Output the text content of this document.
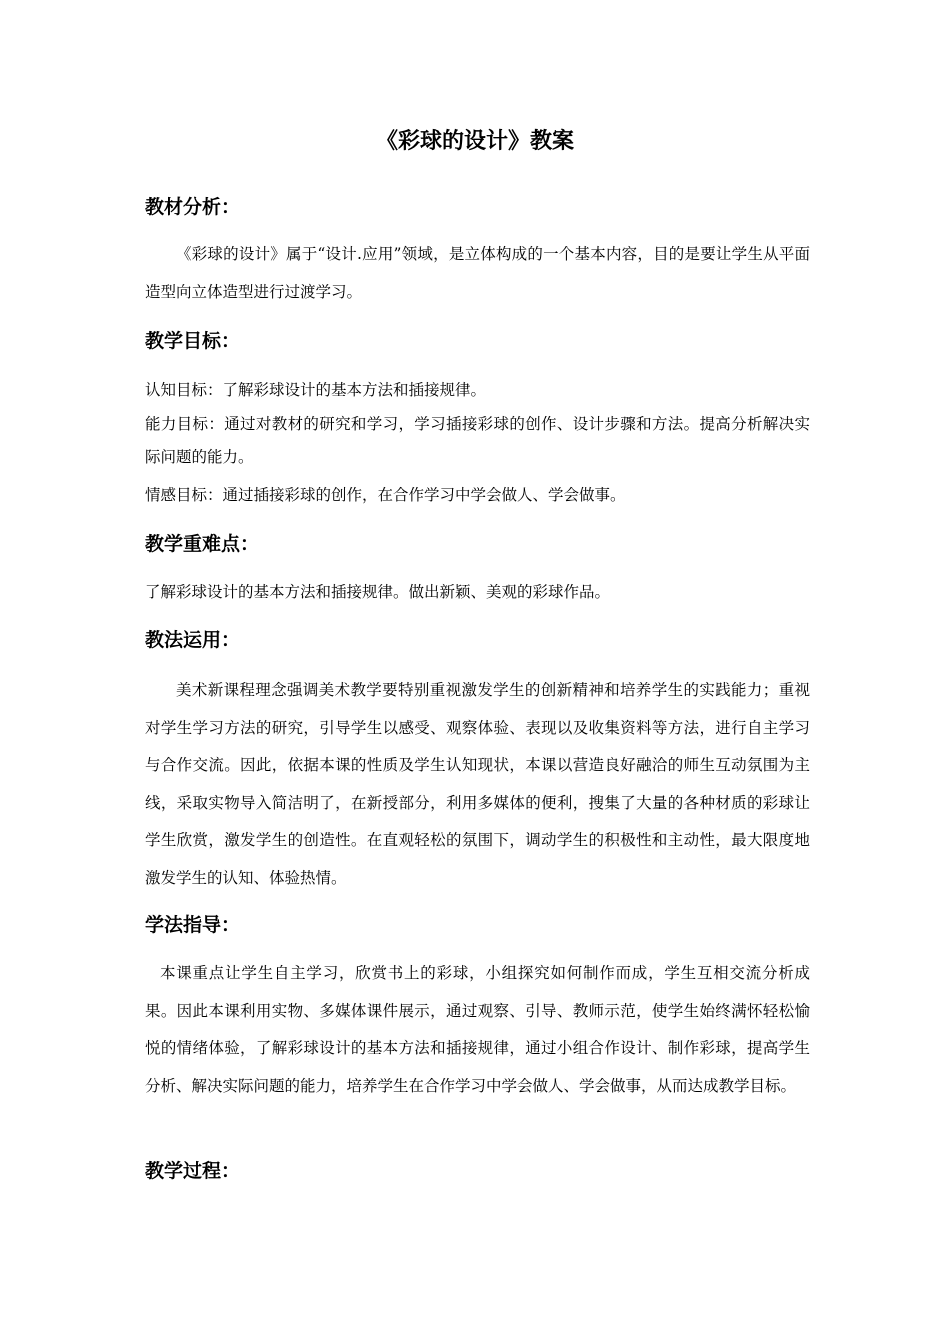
《彩球的设计》教案
教材分析：

《彩球的设计》属于“设计.应用”领域，是立体构成的一个基本内容，目的是要让学生从平面造型向立体造型进行过渡学习。

教学目标：

认知目标：了解彩球设计的基本方法和插接规律。

能力目标：通过对教材的研究和学习，学习插接彩球的创作、设计步骤和方法。提高分析解决实际问题的能力。

情感目标：通过插接彩球的创作，在合作学习中学会做人、学会做事。

教学重难点：

了解彩球设计的基本方法和插接规律。做出新颖、美观的彩球作品。

教法运用：

美术新课程理念强调美术教学要特别重视激发学生的创新精神和培养学生的实践能力；重视对学生学习方法的研究，引导学生以感受、观察体验、表现以及收集资料等方法，进行自主学习与合作交流。因此，依据本课的性质及学生认知现状，本课以营造良好融洽的师生互动氛围为主线，采取实物导入简洁明了，在新授部分，利用多媒体的便利，搜集了大量的各种材质的彩球让学生欣赏，激发学生的创造性。在直观轻松的氛围下，调动学生的积极性和主动性，最大限度地激发学生的认知、体验热情。

学法指导：

本课重点让学生自主学习，欣赏书上的彩球，小组探究如何制作而成，学生互相交流分析成果。因此本课利用实物、多媒体课件展示，通过观察、引导、教师示范，使学生始终满怀轻松愉悦的情绪体验，了解彩球设计的基本方法和插接规律，通过小组合作设计、制作彩球，提高学生分析、解决实际问题的能力，培养学生在合作学习中学会做人、学会做事，从而达成教学目标。

教学过程：
